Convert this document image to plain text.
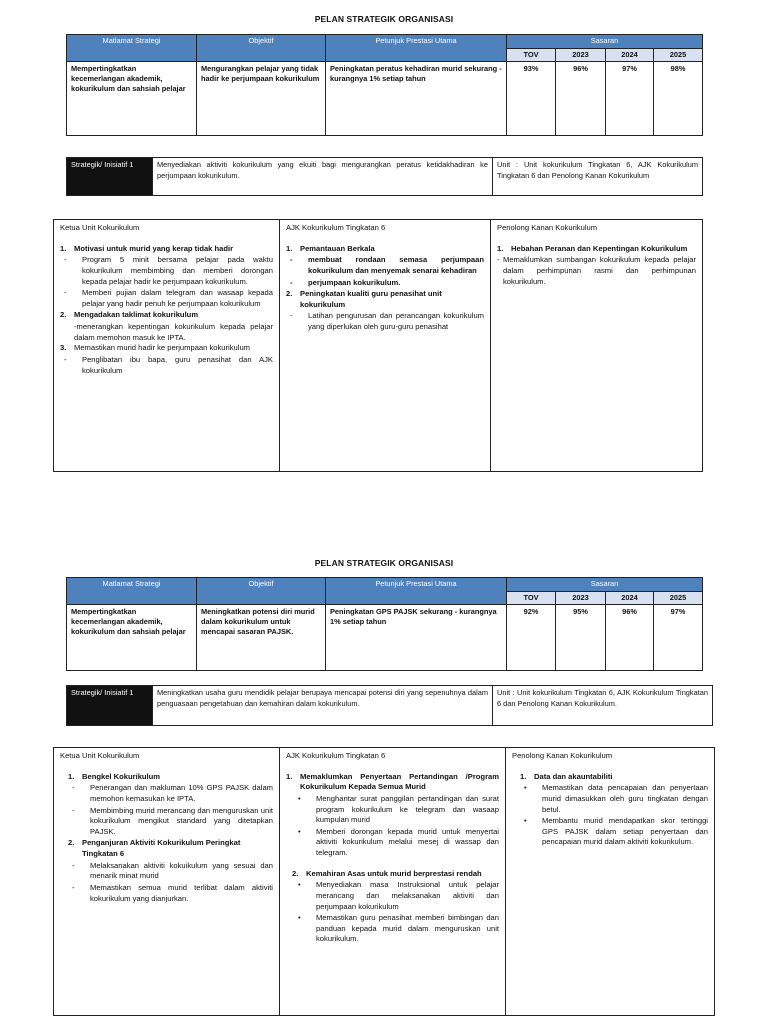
PELAN STRATEGIK ORGANISASI
Matlamat Strategi	Objektif	Petunjuk Prestasi Utama	Sasaran			
			TOV	2023	2024	2025
Mempertingkatkan kecemerlangan akademik, kokurikulum dan sahsiah pelajar	Mengurangkan pelajar yang tidak hadir ke perjumpaan kokurikulum	Peningkatan peratus kehadiran murid sekurang - kurangnya 1% setiap tahun	93%	96%	97%	98%
Strategik/ Inisiatif 1	Menyediakan aktiviti kokurikulum yang ekuiti bagi mengurangkan peratus ketidakhadiran ke perjumpaan kokurikulum.	Unit : Unit kokurikulum Tingkatan 6, AJK Kokurikulum Tingkatan 6 dan Penolong Kanan Kokurikulum
Ketua Unit Kokurikulum
1.	Motivasi untuk murid yang kerap tidak hadir
-	Program 5 minit bersama pelajar pada waktu kokurikulum membimbing dan memberi dorongan kepada pelajar hadir ke perjumpaan kokurikulum.
-	Memberi pujian dalam telegram dan wasaap kepada pelajar yang hadir penuh ke perjumpaan kokurikulum
2.	Mengadakan taklimat kokurikulum
-menerangkan kepentingan kokurikulum kepada pelajar dalam memohon masuk ke IPTA.
3.	Memastikan murid hadir ke perjumpaan kokurikulum
-	Penglibatan ibu bapa, guru penasihat dan AJK kokurikulum

AJK Kokurikulum Tingkatan 6
1.	Pemantauan Berkala
-	membuat rondaan semasa perjumpaan kokurikulum dan menyemak senarai kehadiran
-	perjumpaan kokurikulum.
2.	Peningkatan kualiti guru penasihat unit kokurikulum
-	Latihan pengurusan dan perancangan kokurikulum yang diperlukan oleh guru-guru penasihat

Penolong Kanan Kokurikulum
1.	Hebahan Peranan dan Kepentingan Kokurikulum
- Memaklumkan sumbangan kokurikulum kepada pelajar dalam perhimpunan rasmi dan perhimpunan kokurikulum.
PELAN STRATEGIK ORGANISASI
Matlamat Strategi	Objektif	Petunjuk Prestasi Utama	Sasaran			
			TOV	2023	2024	2025
Mempertingkatkan kecemerlangan akademik, kokurikulum dan sahsiah pelajar	Meningkatkan potensi diri murid dalam kokurikulum untuk mencapai sasaran PAJSK.	Peningkatan GPS PAJSK sekurang - kurangnya 1% setiap tahun	92%	95%	96%	97%
Strategik/ Inisiatif 1	Meningkatkan usaha guru mendidik pelajar berupaya mencapai potensi diri yang sepenuhnya dalam penguasaan pengetahuan dan kemahiran dalam kokurikulum.	Unit : Unit kokurikulum Tingkatan 6, AJK Kokurikulum Tingkatan 6 dan Penolong Kanan Kokurikulum.
Ketua Unit Kokurikulum
1.	Bengkel Kokurikulum
-	Penerangan dan makluman 10% GPS PAJSK dalam memohon kemasukan ke IPTA.
-	Membimbing murid merancang dan menguruskan unit kokurikulum mengikut standard yang ditetapkan PAJSK.
2.	Penganjuran Aktiviti Kokurikulum Peringkat Tingkatan 6
-	Melaksanakan aktiviti kokuikulum yang sesuai dan menarik minat murid
-	Memastikan semua murid terlibat dalam aktiviti kokurikulum yang dianjurkan.

AJK Kokurikulum Tingkatan 6
1.	Memaklumkan Penyertaan Pertandingan /Program Kokurikulum Kepada Semua Murid
•	Menghantar surat panggilan pertandingan dan surat program kokurikulum ke telegram dan wasaap kumpulan murid
•	Memberi dorongan kepada murid untuk menyertai aktiviti kokurikulum melalui mesej di wassap dan telegram.
2.	Kemahiran Asas untuk murid berprestasi rendah
•	Menyediakan masa Instruksional untuk pelajar merancang dan melaksanakan aktiviti dan perjumpaan kokurikulum
•	Memastikan guru penasihat memberi bimbingan dan panduan kepada murid dalam menguruskan unit kokurikulum.

Penolong Kanan Kokurikulum
1.	Data dan akauntabiliti
•	Memastikan data pencapaian dan penyertaan murid dimasukkan oleh guru tingkatan dengan betul.
•	Membantu murid mendapatkan skor tertinggi GPS PAJSK dalam setiap penyertaan dan pencapaian murid dalam aktiviti kokurikulum.
